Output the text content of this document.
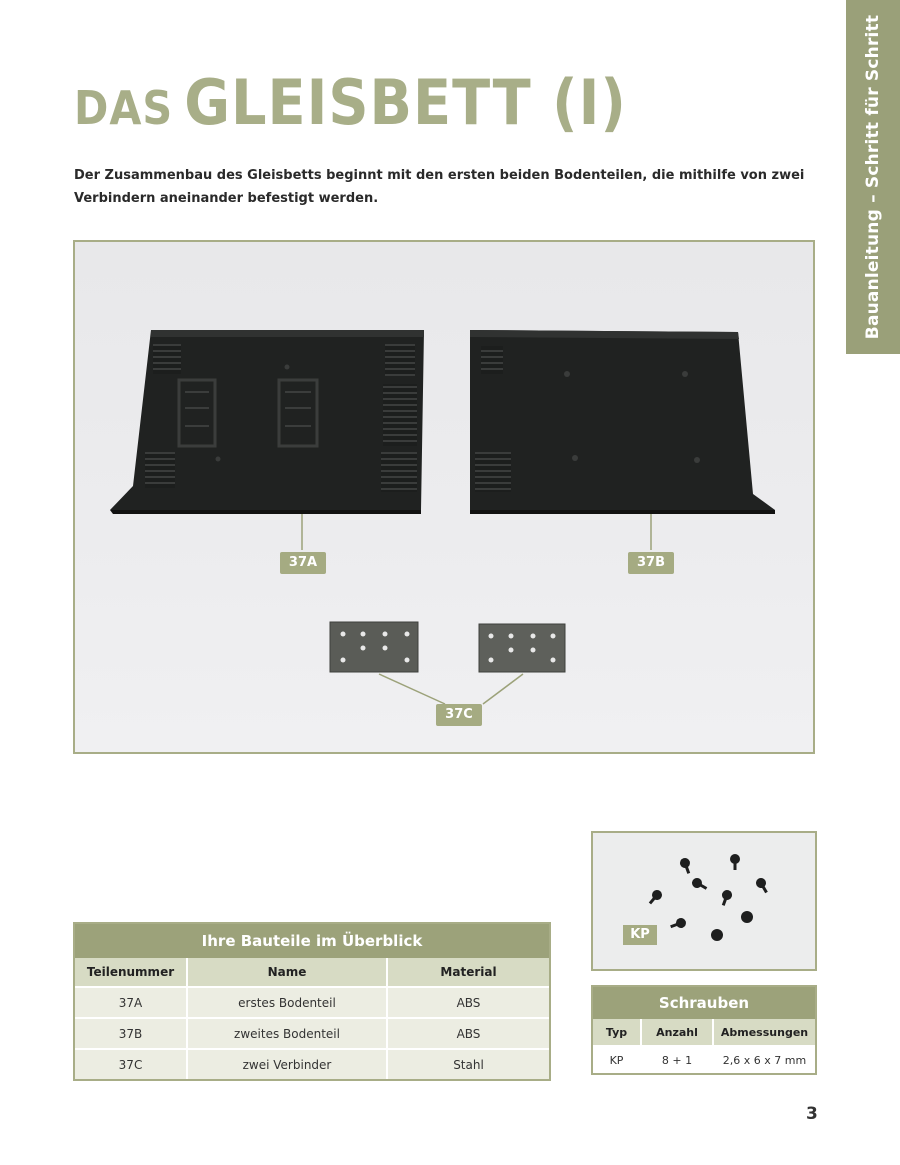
Bauanleitung – Schritt für Schritt
DAS GLEISBETT (I)

Der Zusammenbau des Gleisbetts beginnt mit den ersten beiden Bodenteilen, die mithilfe von zwei Verbindern aneinander befestigt werden.

37A	37B
37C
Ihre Bauteile im Überblick
Teilenummer	Name	Material
37A	erstes Bodenteil	ABS
37B	zweites Bodenteil	ABS
37C	zwei Verbinder	Stahl
KP
Schrauben
Typ	Anzahl	Abmessungen
KP	8 + 1	2,6 x 6 x 7 mm
3
